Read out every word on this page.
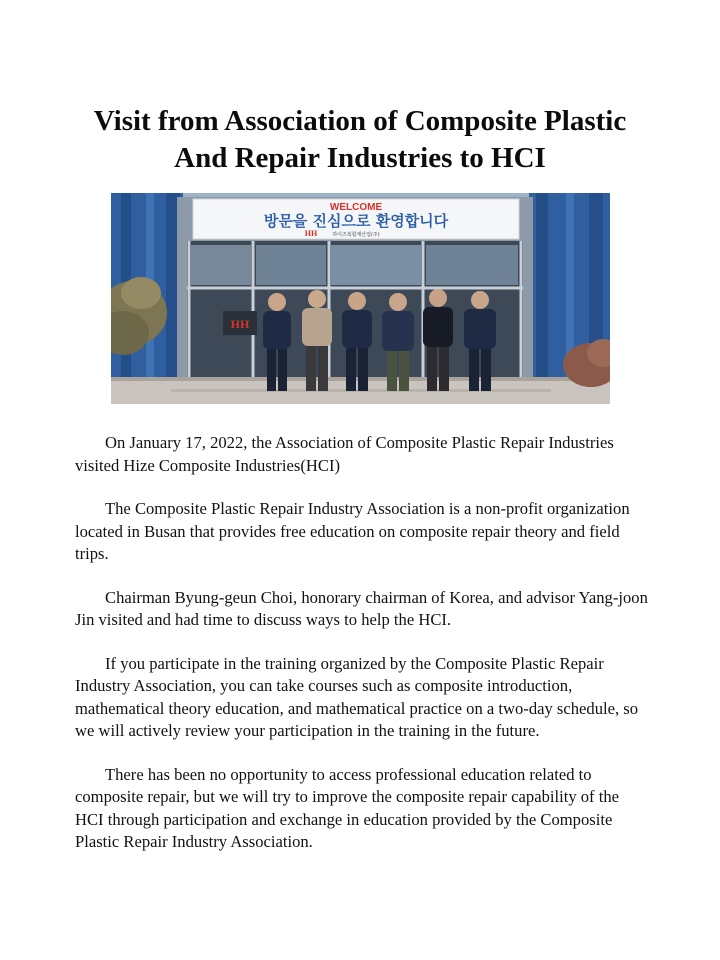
Visit from Association of Composite Plastic
And Repair Industries to HCI
HH
WELCOME
방문을 진심으로 환영합니다
HH	하이즈복합재산업(주)

On January 17, 2022, the Association of Composite Plastic Repair Industries visited Hize Composite Industries(HCI)

The Composite Plastic Repair Industry Association is a non-profit organization located in Busan that provides free education on composite repair theory and field trips.

Chairman Byung-geun Choi, honorary chairman of Korea, and advisor Yang-joon Jin visited and had time to discuss ways to help the HCI.

If you participate in the training organized by the Composite Plastic Repair Industry Association, you can take courses such as composite introduction, mathematical theory education, and mathematical practice on a two-day schedule, so we will actively review your participation in the training in the future.

There has been no opportunity to access professional education related to composite repair, but we will try to improve the composite repair capability of the HCI through participation and exchange in education provided by the Composite Plastic Repair Industry Association.
